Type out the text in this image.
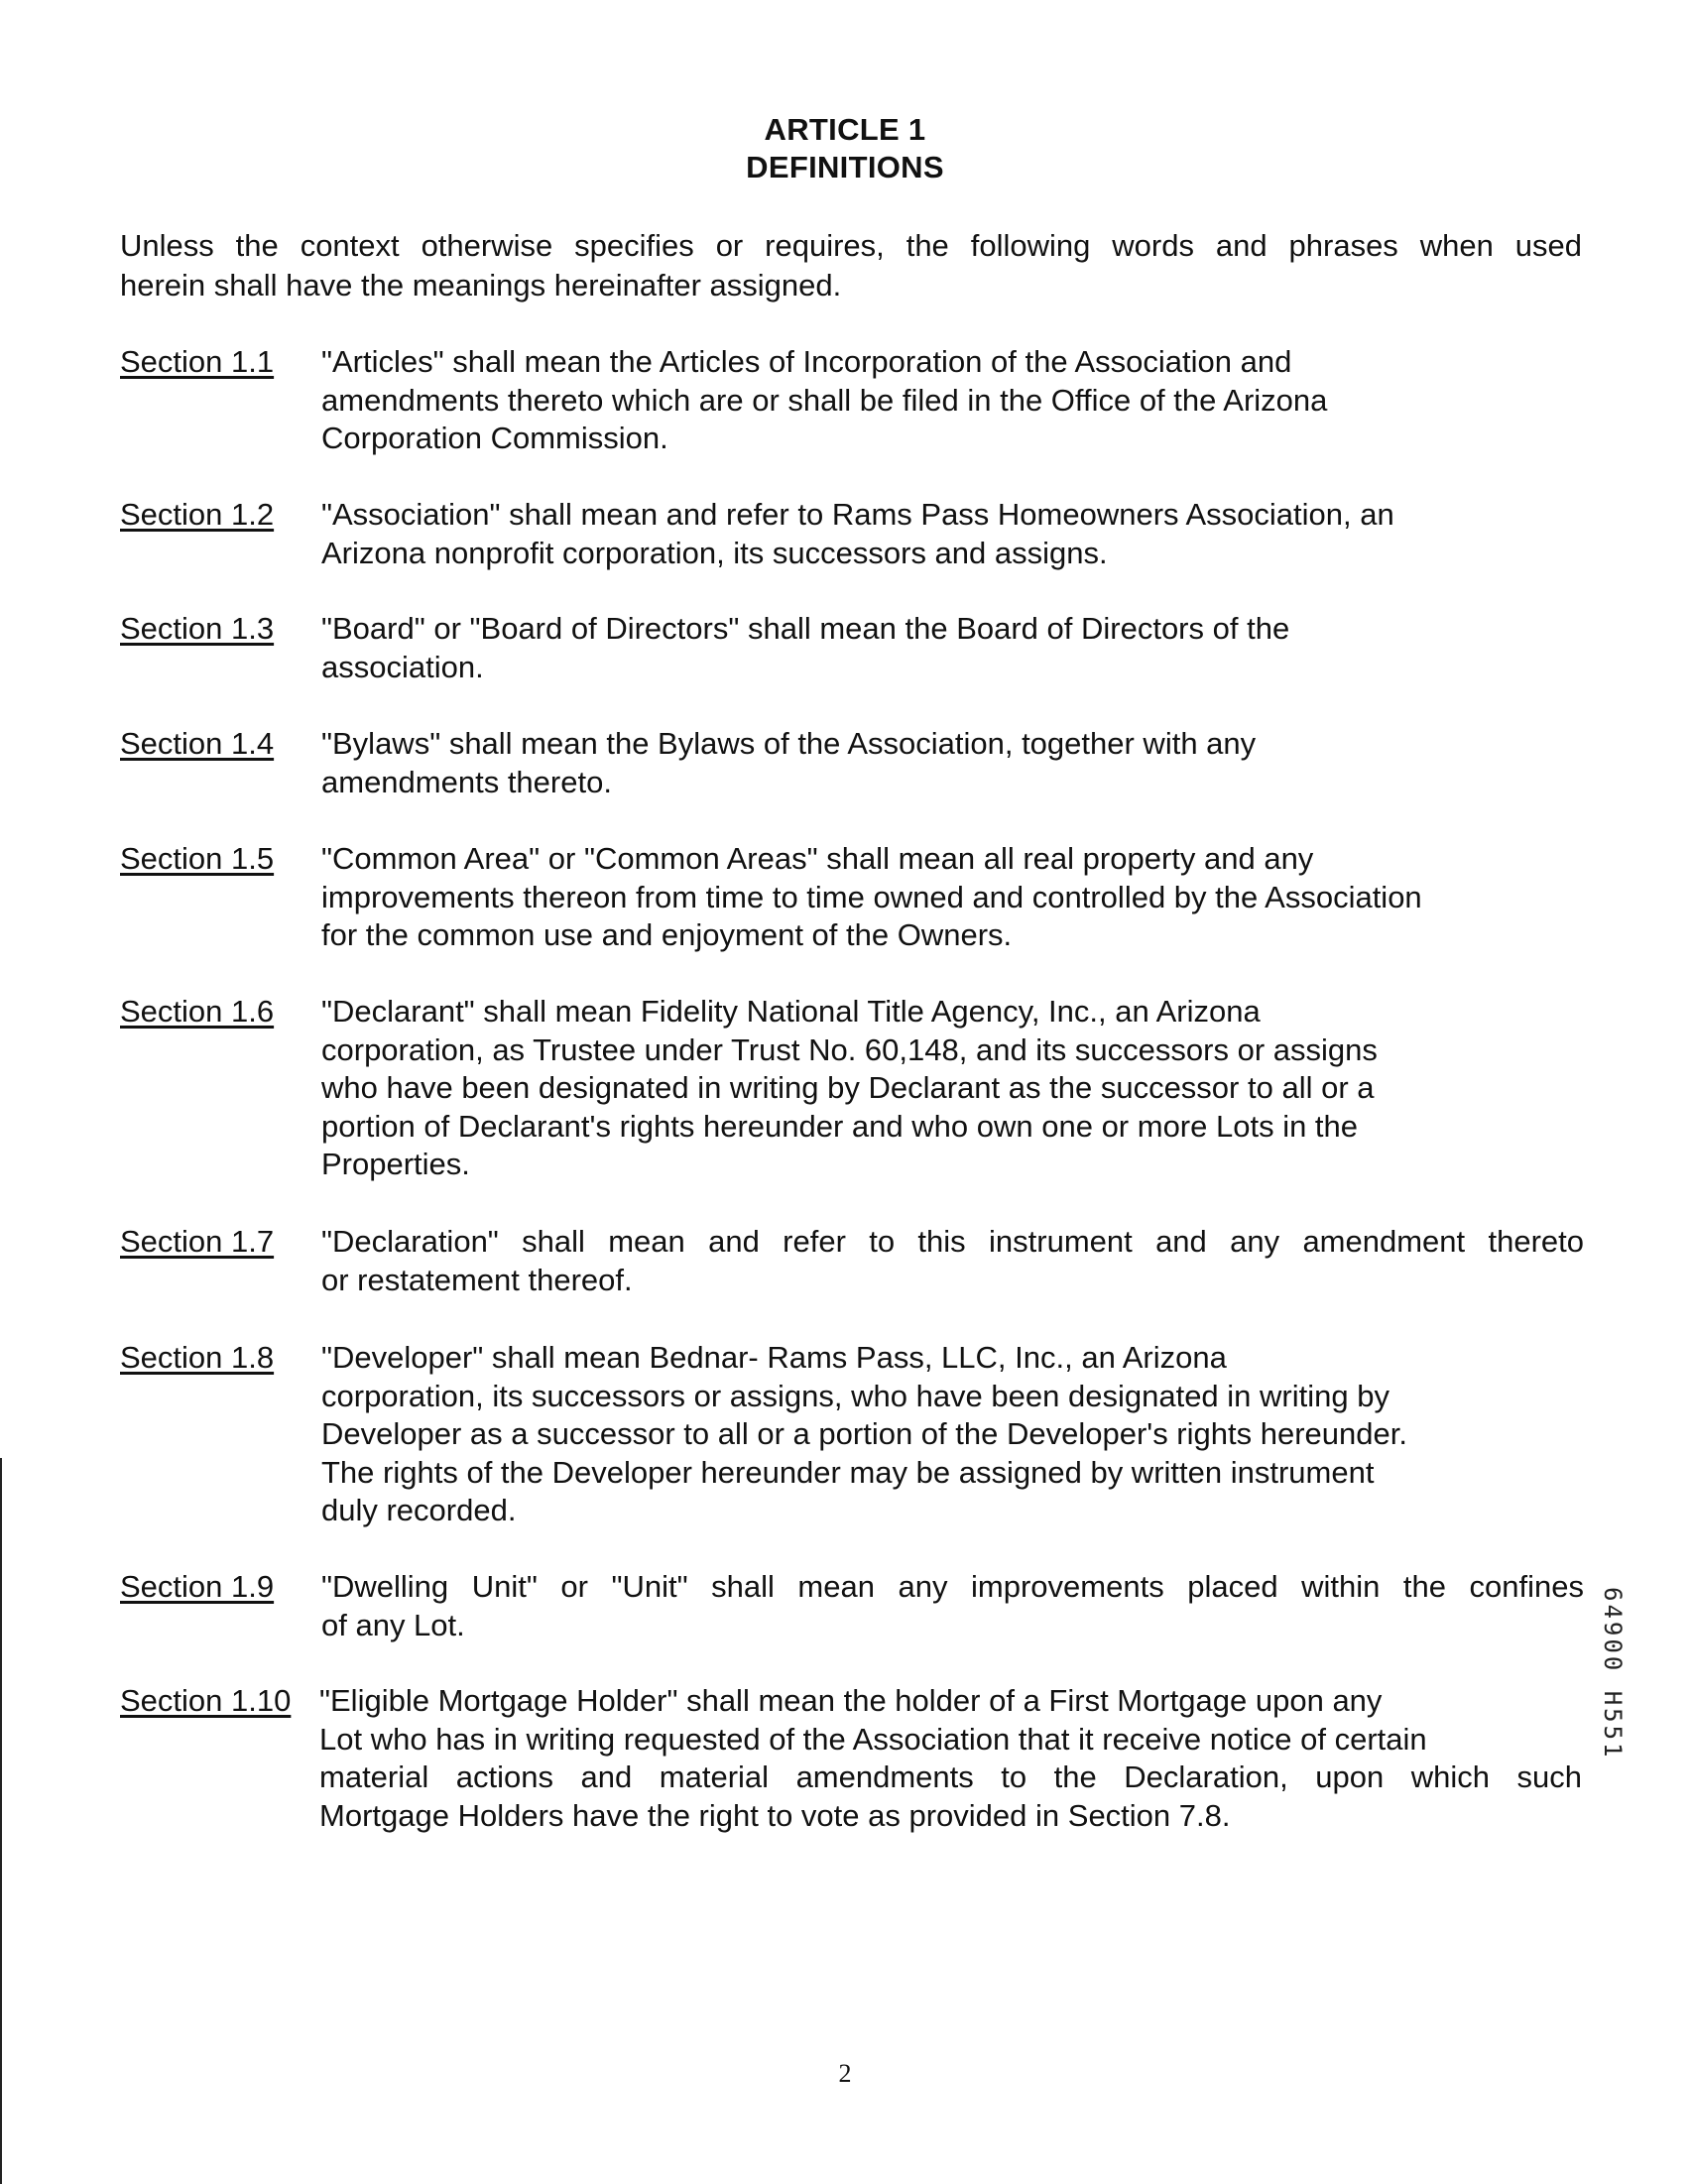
ARTICLE 1
DEFINITIONS
Unless the context otherwise specifies or requires, the following words and phrases when used
herein shall have the meanings hereinafter assigned.
Section 1.1 "Articles" shall mean the Articles of Incorporation of the Association and
amendments thereto which are or shall be filed in the Office of the Arizona
Corporation Commission.
Section 1.2 "Association" shall mean and refer to Rams Pass Homeowners Association, an
Arizona nonprofit corporation, its successors and assigns.
Section 1.3 "Board" or "Board of Directors" shall mean the Board of Directors of the
association.
Section 1.4 "Bylaws" shall mean the Bylaws of the Association, together with any
amendments thereto.
Section 1.5 "Common Area" or "Common Areas" shall mean all real property and any
improvements thereon from time to time owned and controlled by the Association
for the common use and enjoyment of the Owners.
Section 1.6 "Declarant" shall mean Fidelity National Title Agency, Inc., an Arizona
corporation, as Trustee under Trust No. 60,148, and its successors or assigns
who have been designated in writing by Declarant as the successor to all or a
portion of Declarant's rights hereunder and who own one or more Lots in the
Properties.
Section 1.7 "Declaration" shall mean and refer to this instrument and any amendment thereto
or restatement thereof.
Section 1.8 "Developer" shall mean Bednar- Rams Pass, LLC, Inc., an Arizona
corporation, its successors or assigns, who have been designated in writing by
Developer as a successor to all or a portion of the Developer's rights hereunder.
The rights of the Developer hereunder may be assigned by written instrument
duly recorded.
Section 1.9 "Dwelling Unit" or "Unit" shall mean any improvements placed within the confines
of any Lot.
Section 1.10 "Eligible Mortgage Holder" shall mean the holder of a First Mortgage upon any
Lot who has in writing requested of the Association that it receive notice of certain
material actions and material amendments to the Declaration, upon which such
Mortgage Holders have the right to vote as provided in Section 7.8.
64900 H551
2
